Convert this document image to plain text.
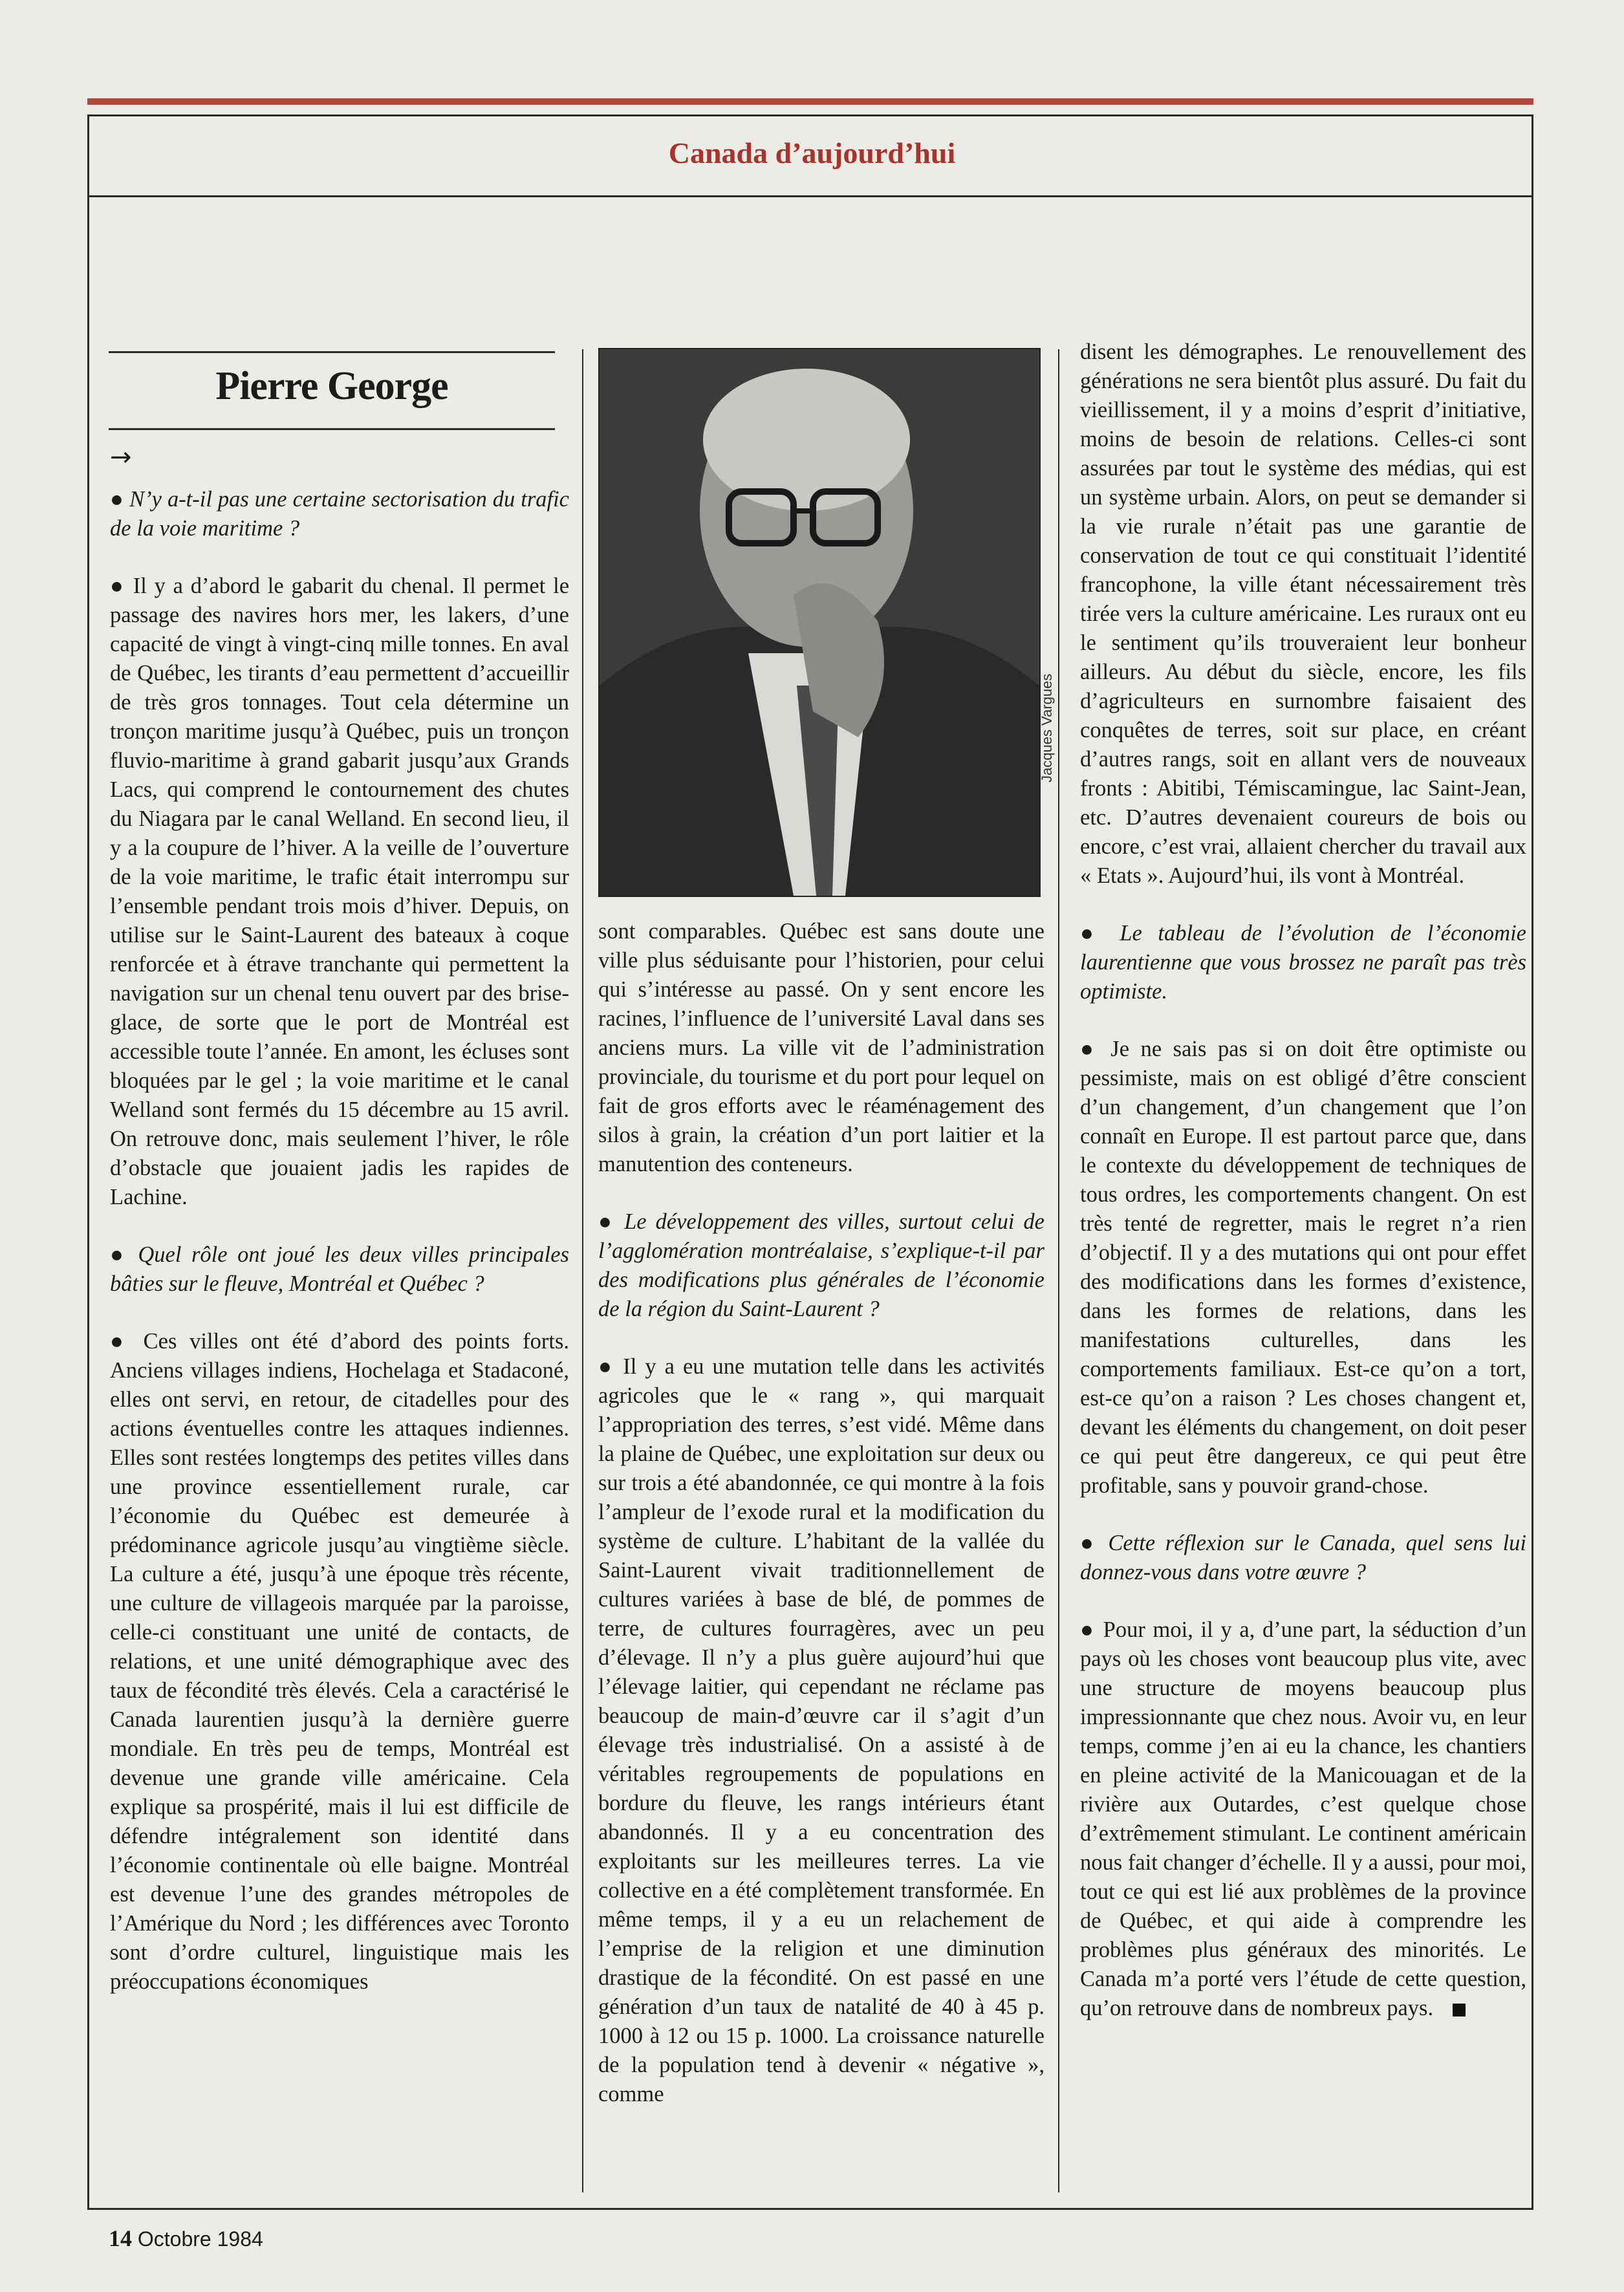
Canada d’aujourd’hui
Pierre George
→
Jacques Vargues

● N’y a-t-il pas une certaine sectorisation du trafic de la voie maritime ?

● Il y a d’abord le gabarit du chenal. Il permet le passage des navires hors mer, les lakers, d’une capacité de vingt à vingt-cinq mille tonnes. En aval de Québec, les tirants d’eau permettent d’accueillir de très gros tonnages. Tout cela détermine un tronçon maritime jusqu’à Québec, puis un tronçon fluvio-maritime à grand gabarit jusqu’aux Grands Lacs, qui comprend le contournement des chutes du Niagara par le canal Welland. En second lieu, il y a la coupure de l’hiver. A la veille de l’ouverture de la voie maritime, le trafic était interrompu sur l’ensemble pendant trois mois d’hiver. Depuis, on utilise sur le Saint-Laurent des bateaux à coque renforcée et à étrave tranchante qui permettent la navigation sur un chenal tenu ouvert par des brise-glace, de sorte que le port de Montréal est accessible toute l’année. En amont, les écluses sont bloquées par le gel ; la voie maritime et le canal Welland sont fermés du 15 décembre au 15 avril. On retrouve donc, mais seulement l’hiver, le rôle d’obstacle que jouaient jadis les rapides de Lachine.

● Quel rôle ont joué les deux villes principales bâties sur le fleuve, Montréal et Québec ?

● Ces villes ont été d’abord des points forts. Anciens villages indiens, Hochelaga et Stadaconé, elles ont servi, en retour, de citadelles pour des actions éventuelles contre les attaques indiennes. Elles sont restées longtemps des petites villes dans une province essentiellement rurale, car l’économie du Québec est demeurée à prédominance agricole jusqu’au vingtième siècle. La culture a été, jusqu’à une époque très récente, une culture de villageois marquée par la paroisse, celle-ci constituant une unité de contacts, de relations, et une unité démographique avec des taux de fécondité très élevés. Cela a caractérisé le Canada laurentien jusqu’à la dernière guerre mondiale. En très peu de temps, Montréal est devenue une grande ville américaine. Cela explique sa prospérité, mais il lui est difficile de défendre intégralement son identité dans l’économie continentale où elle baigne. Montréal est devenue l’une des grandes métropoles de l’Amérique du Nord ; les différences avec Toronto sont d’ordre culturel, linguistique mais les préoccupations économiques

sont comparables. Québec est sans doute une ville plus séduisante pour l’historien, pour celui qui s’intéresse au passé. On y sent encore les racines, l’influence de l’université Laval dans ses anciens murs. La ville vit de l’administration provinciale, du tourisme et du port pour lequel on fait de gros efforts avec le réaménagement des silos à grain, la création d’un port laitier et la manutention des conteneurs.

● Le développement des villes, surtout celui de l’agglomération montréalaise, s’explique-t-il par des modifications plus générales de l’économie de la région du Saint-Laurent ?

● Il y a eu une mutation telle dans les activités agricoles que le « rang », qui marquait l’appropriation des terres, s’est vidé. Même dans la plaine de Québec, une exploitation sur deux ou sur trois a été abandonnée, ce qui montre à la fois l’ampleur de l’exode rural et la modification du système de culture. L’habitant de la vallée du Saint-Laurent vivait traditionnellement de cultures variées à base de blé, de pommes de terre, de cultures fourragères, avec un peu d’élevage. Il n’y a plus guère aujourd’hui que l’élevage laitier, qui cependant ne réclame pas beaucoup de main-d’œuvre car il s’agit d’un élevage très industrialisé. On a assisté à de véritables regroupements de populations en bordure du fleuve, les rangs intérieurs étant abandonnés. Il y a eu concentration des exploitants sur les meilleures terres. La vie collective en a été complètement transformée. En même temps, il y a eu un relachement de l’emprise de la religion et une diminution drastique de la fécondité. On est passé en une génération d’un taux de natalité de 40 à 45 p. 1000 à 12 ou 15 p. 1000. La croissance naturelle de la population tend à devenir « négative », comme

disent les démographes. Le renouvellement des générations ne sera bientôt plus assuré. Du fait du vieillissement, il y a moins d’esprit d’initiative, moins de besoin de relations. Celles-ci sont assurées par tout le système des médias, qui est un système urbain. Alors, on peut se demander si la vie rurale n’était pas une garantie de conservation de tout ce qui constituait l’identité francophone, la ville étant nécessairement très tirée vers la culture américaine. Les ruraux ont eu le sentiment qu’ils trouveraient leur bonheur ailleurs. Au début du siècle, encore, les fils d’agriculteurs en surnombre faisaient des conquêtes de terres, soit sur place, en créant d’autres rangs, soit en allant vers de nouveaux fronts : Abitibi, Témiscamingue, lac Saint-Jean, etc. D’autres devenaient coureurs de bois ou encore, c’est vrai, allaient chercher du travail aux « Etats ». Aujourd’hui, ils vont à Montréal.

● Le tableau de l’évolution de l’économie laurentienne que vous brossez ne paraît pas très optimiste.

● Je ne sais pas si on doit être optimiste ou pessimiste, mais on est obligé d’être conscient d’un changement, d’un changement que l’on connaît en Europe. Il est partout parce que, dans le contexte du développement de techniques de tous ordres, les comportements changent. On est très tenté de regretter, mais le regret n’a rien d’objectif. Il y a des mutations qui ont pour effet des modifications dans les formes d’existence, dans les formes de relations, dans les manifestations culturelles, dans les comportements familiaux. Est-ce qu’on a tort, est-ce qu’on a raison ? Les choses changent et, devant les éléments du changement, on doit peser ce qui peut être dangereux, ce qui peut être profitable, sans y pouvoir grand-chose.

● Cette réflexion sur le Canada, quel sens lui donnez-vous dans votre œuvre ?

● Pour moi, il y a, d’une part, la séduction d’un pays où les choses vont beaucoup plus vite, avec une structure de moyens beaucoup plus impressionnante que chez nous. Avoir vu, en leur temps, comme j’en ai eu la chance, les chantiers en pleine activité de la Manicouagan et de la rivière aux Outardes, c’est quelque chose d’extrêmement stimulant. Le continent américain nous fait changer d’échelle. Il y a aussi, pour moi, tout ce qui est lié aux problèmes de la province de Québec, et qui aide à comprendre les problèmes plus généraux des minorités. Le Canada m’a porté vers l’étude de cette question, qu’on retrouve dans de nombreux pays.

14 Octobre 1984
